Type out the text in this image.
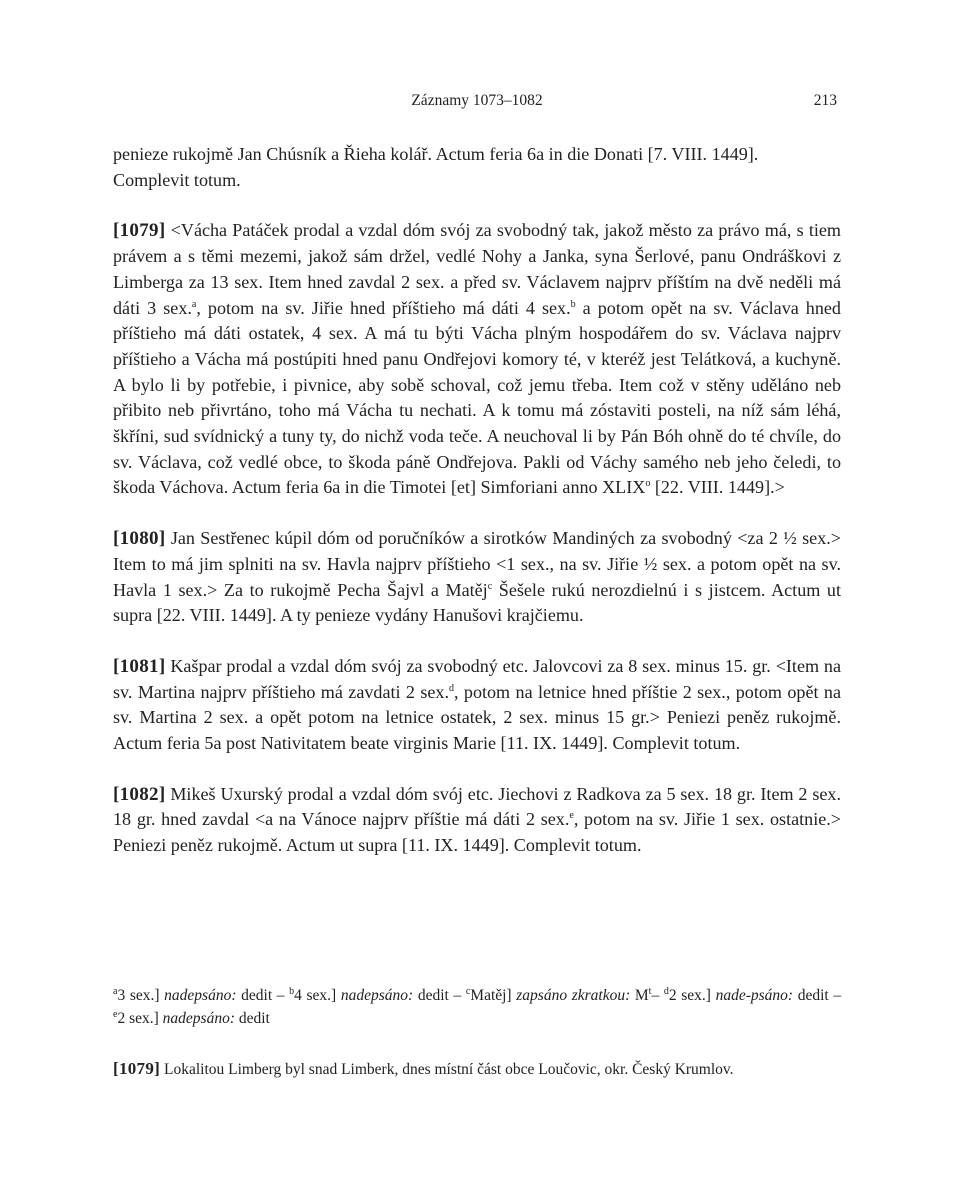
Záznamy 1073–1082	213

penieze rukojmě Jan Chúsník a Řieha kolář. Actum feria 6a in die Donati [7. VIII. 1449].
Complevit totum.

[1079] <Vácha Patáček prodal a vzdal dóm svój za svobodný tak, jakož město za právo má, s tiem právem a s těmi mezemi, jakož sám držel, vedlé Nohy a Janka, syna Šerlové, panu Ondráškovi z Limberga za 13 sex. Item hned zavdal 2 sex. a před sv. Václavem najprv příštím na dvě neděli má dáti 3 sex.$^a$, potom na sv. Jiřie hned příštieho má dáti 4 sex.$^b$ a potom opět na sv. Václava hned příštieho má dáti ostatek, 4 sex. A má tu býti Vácha plným hospodářem do sv. Václava najprv příštieho a Vácha má postúpiti hned panu Ondřejovi komory té, v kteréž jest Telátková, a kuchyně. A bylo li by potřebie, i pivnice, aby sobě schoval, což jemu třeba. Item což v stěny uděláno neb přibito neb přivrtáno, toho má Vácha tu nechati. A k tomu má zóstaviti posteli, na níž sám léhá, škříni, sud svídnický a tuny ty, do nichž voda teče. A neuchoval li by Pán Bóh ohně do té chvíle, do sv. Václava, což vedlé obce, to škoda páně Ondřejova. Pakli od Váchy samého neb jeho čeledi, to škoda Váchova. Actum feria 6a in die Timotei [et] Simforiani anno XLIX$^o$ [22. VIII. 1449].>

[1080] Jan Sestřenec kúpil dóm od poručníków a sirotków Mandiných za svobodný <za 2 ½ sex.> Item to má jim splniti na sv. Havla najprv příštieho <1 sex., na sv. Jiřie ½ sex. a potom opět na sv. Havla 1 sex.> Za to rukojmě Pecha Šajvl a Matěj$^c$ Šešele rukú nerozdielnú i s jistcem. Actum ut supra [22. VIII. 1449]. A ty penieze vydány Hanušovi krajčiemu.

[1081] Kašpar prodal a vzdal dóm svój za svobodný etc. Jalovcovi za 8 sex. minus 15. gr. <Item na sv. Martina najprv příštieho má zavdati 2 sex.$^d$, potom na letnice hned příštie 2 sex., potom opět na sv. Martina 2 sex. a opět potom na letnice ostatek, 2 sex. minus 15 gr.> Peniezi peněz rukojmě. Actum feria 5a post Nativitatem beate virginis Marie [11. IX. 1449]. Complevit totum.

[1082] Mikeš Uxurský prodal a vzdal dóm svój etc. Jiechovi z Radkova za 5 sex. 18 gr. Item 2 sex. 18 gr. hned zavdal <a na Vánoce najprv příštie má dáti 2 sex.$^e$, potom na sv. Jiřie 1 sex. ostatnie.> Peniezi peněz rukojmě. Actum ut supra [11. IX. 1449]. Complevit totum.

$^a$3 sex.] nadepsáno: dedit – $^b$4 sex.] nadepsáno: dedit – $^c$Matěj] zapsáno zkratkou: $M^t-$ $^d$2 sex.] nade-psáno: dedit – $^e$2 sex.] nadepsáno: dedit

[1079] Lokalitou Limberg byl snad Limberk, dnes místní část obce Loučovic, okr. Český Krumlov.
